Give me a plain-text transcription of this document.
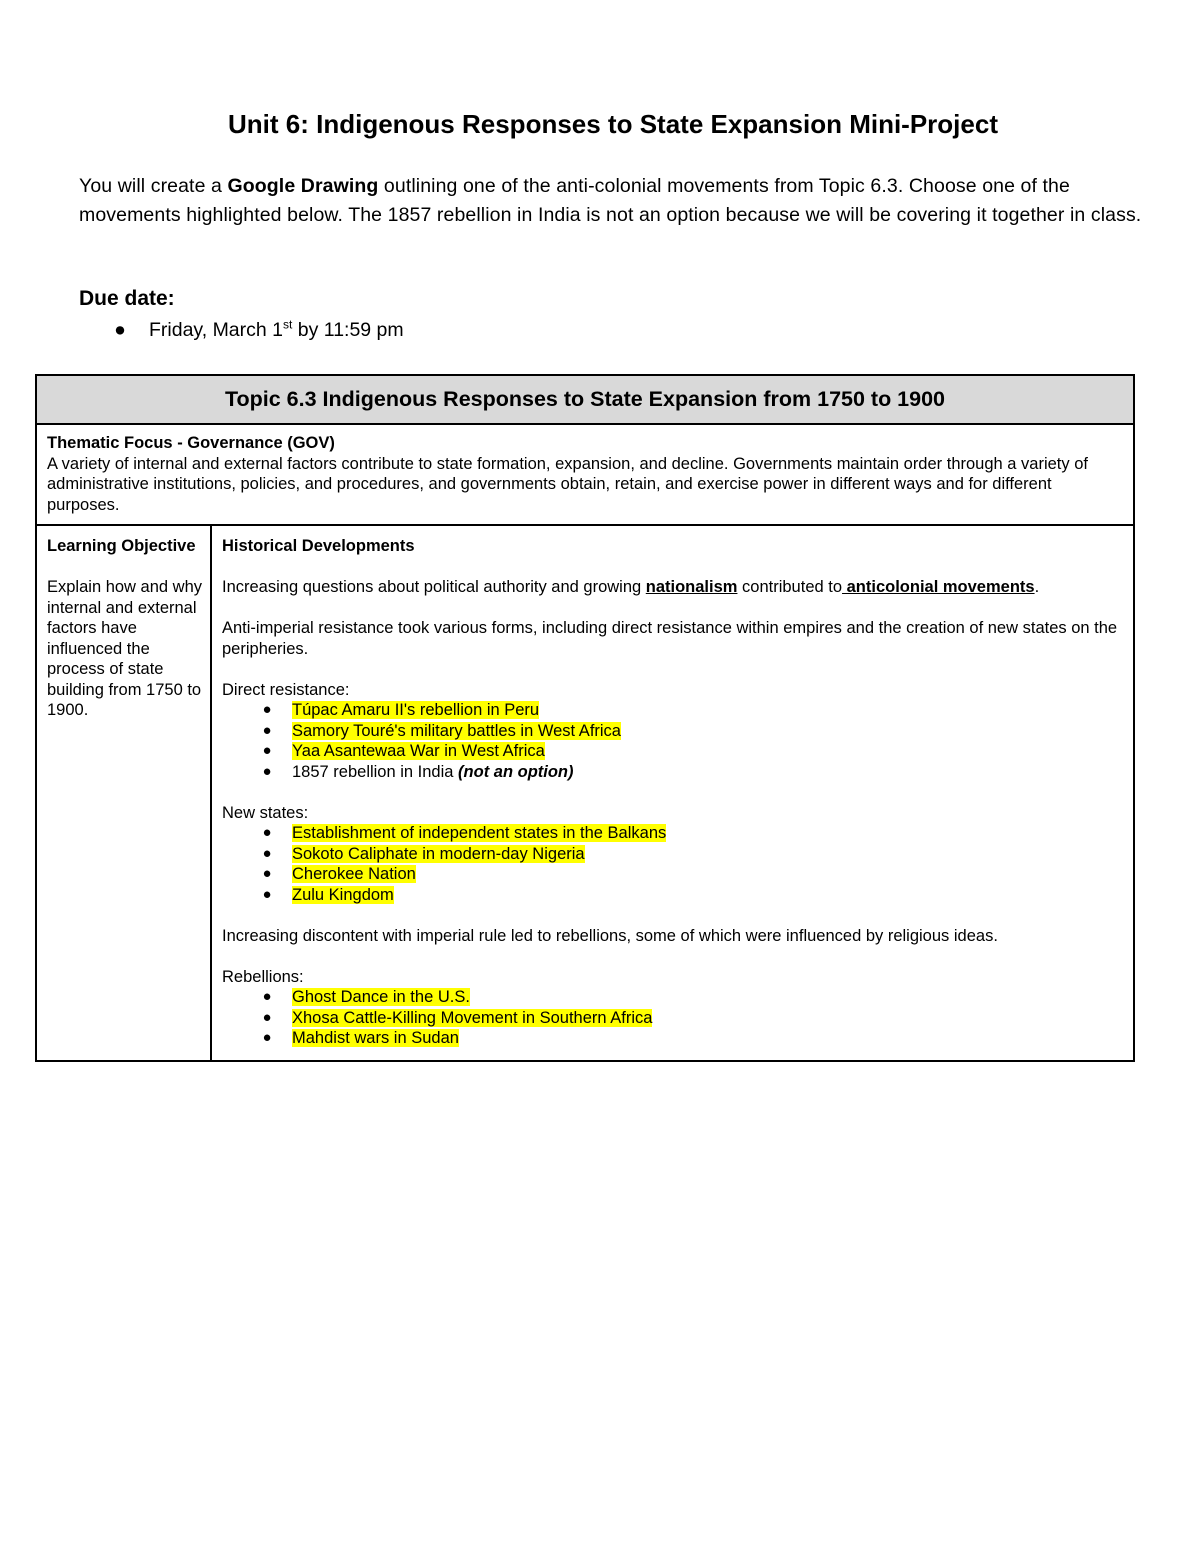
Unit 6: Indigenous Responses to State Expansion Mini-Project
You will create a Google Drawing outlining one of the anti-colonial movements from Topic 6.3. Choose one of the movements highlighted below. The 1857 rebellion in India is not an option because we will be covering it together in class.
Due date:
● Friday, March 1st by 11:59 pm
Topic 6.3 Indigenous Responses to State Expansion from 1750 to 1900

Thematic Focus - Governance (GOV)
A variety of internal and external factors contribute to state formation, expansion, and decline. Governments maintain order through a variety of administrative institutions, policies, and procedures, and governments obtain, retain, and exercise power in different ways and for different purposes.

Learning Objective
Explain how and why internal and external factors have influenced the process of state building from 1750 to 1900.

Historical Developments

Increasing questions about political authority and growing nationalism contributed to anticolonial movements.

Anti-imperial resistance took various forms, including direct resistance within empires and the creation of new states on the peripheries.

Direct resistance:
● Túpac Amaru II's rebellion in Peru
● Samory Touré's military battles in West Africa
● Yaa Asantewaa War in West Africa
● 1857 rebellion in India (not an option)
New states:
● Establishment of independent states in the Balkans
● Sokoto Caliphate in modern-day Nigeria
● Cherokee Nation
● Zulu Kingdom

Increasing discontent with imperial rule led to rebellions, some of which were influenced by religious ideas.

Rebellions:
● Ghost Dance in the U.S.
● Xhosa Cattle-Killing Movement in Southern Africa
● Mahdist wars in Sudan
